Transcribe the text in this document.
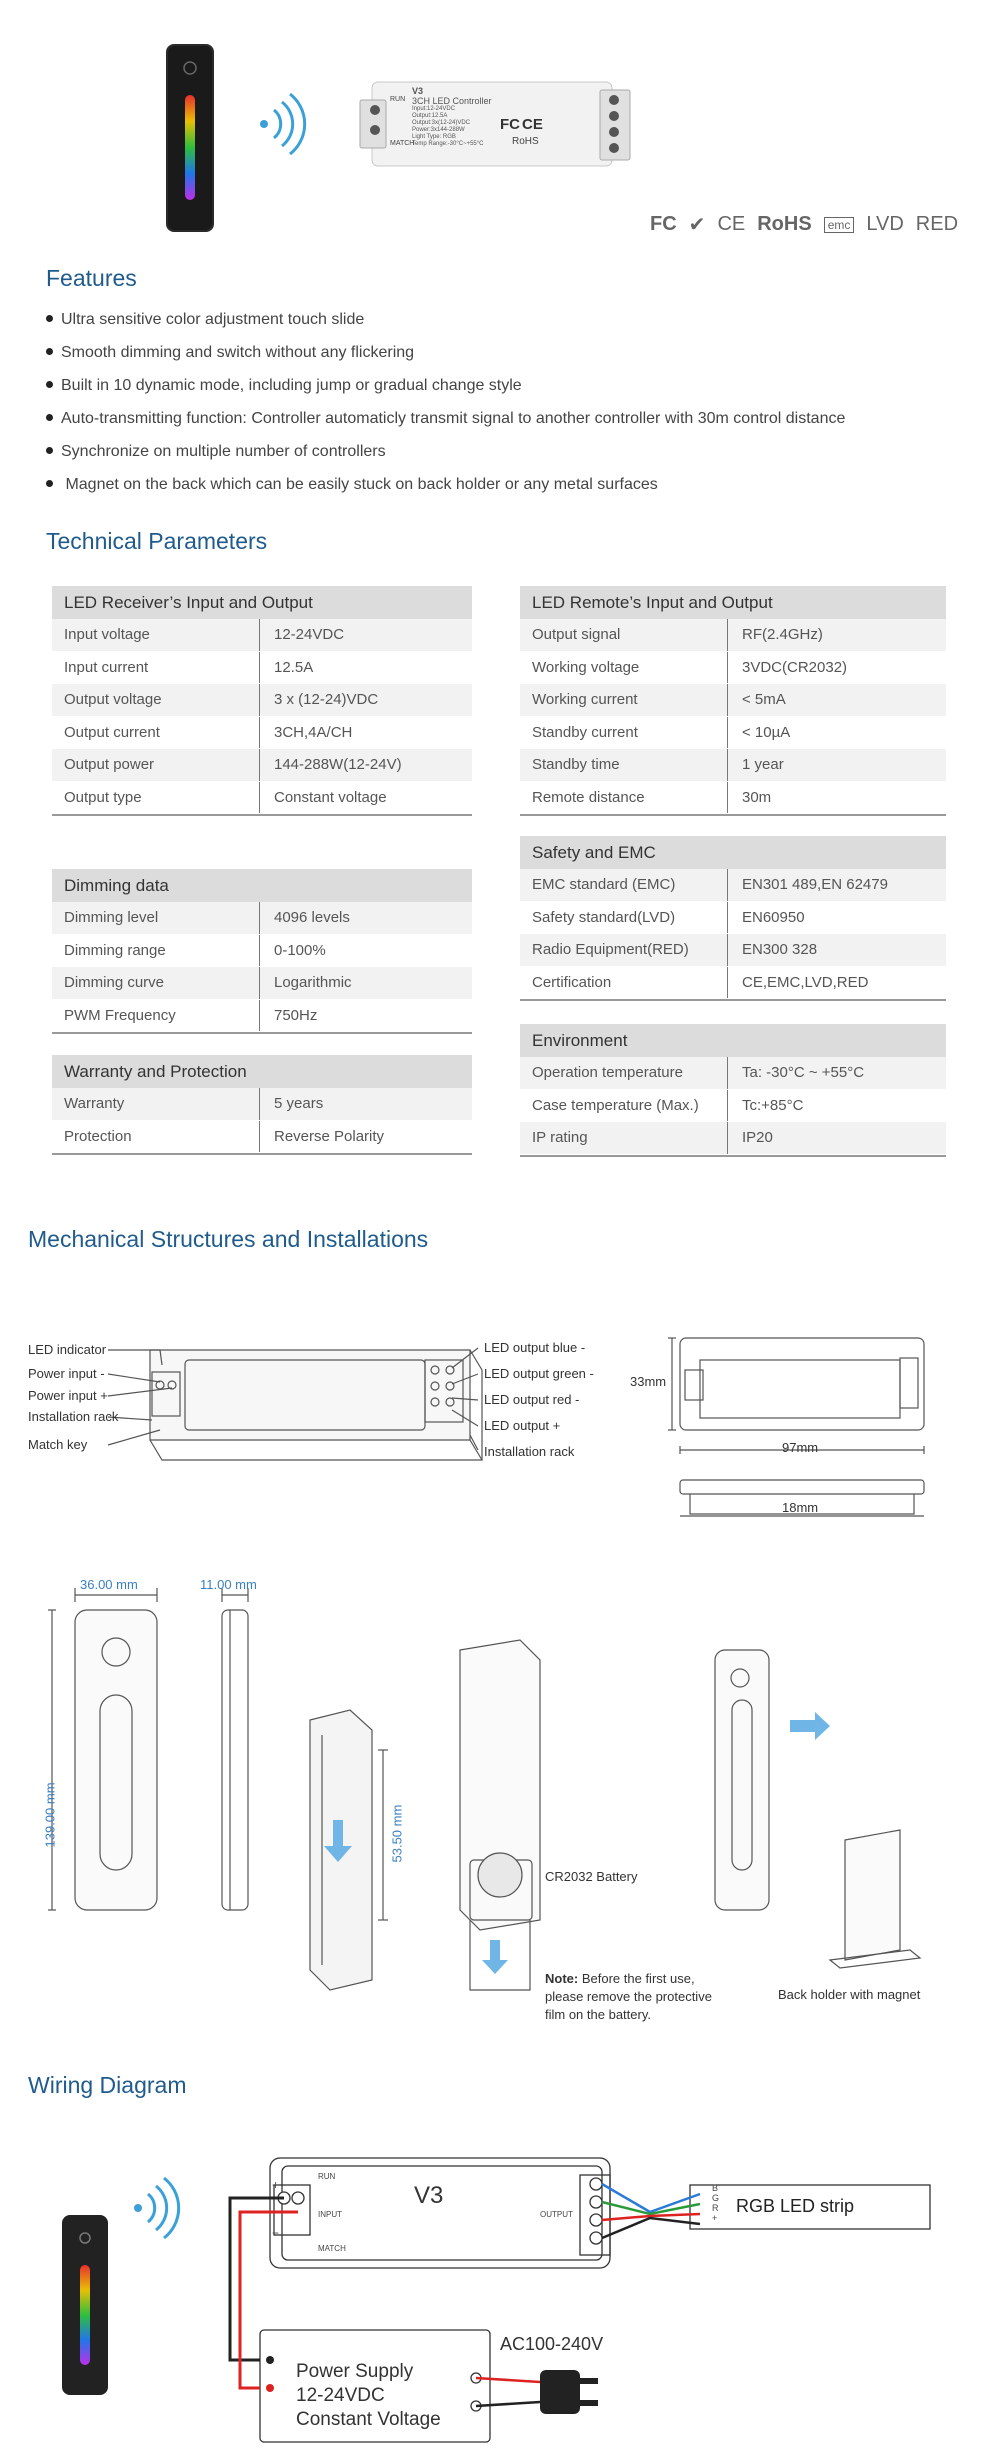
V3
3CH LED Controller
Input:12-24VDC
Output:12.5A
Output:3x(12-24)VDC
Power:3x144-288W
Light Type: RGB
Temp Range:-30°C~+55°C
RUN
MATCH
FC CE
RoHS
FC ✔ CE RoHS	emc LVD RED
Features
Ultra sensitive color adjustment touch slide
Smooth dimming and switch without any flickering
Built in 10 dynamic mode, including jump or gradual change style
Auto-transmitting function: Controller automaticly transmit signal to another controller with 30m control distance
Synchronize on multiple number of controllers
Magnet on the back which can be easily stuck on back holder or any metal surfaces
Technical Parameters
LED Receiver’s Input and Output
Input voltage	12-24VDC
Input current	12.5A
Output voltage	3 x (12-24)VDC
Output current	3CH,4A/CH
Output power	144-288W(12-24V)
Output type	Constant voltage
LED Remote’s Input and Output
Output signal	RF(2.4GHz)
Working voltage	3VDC(CR2032)
Working current	< 5mA
Standby current	< 10µA
Standby time	1 year
Remote distance	30m
Safety and EMC
EMC standard (EMC)	EN301 489,EN 62479
Safety standard(LVD)	EN60950
Radio Equipment(RED)	EN300 328
Certification	CE,EMC,LVD,RED
Dimming data
Dimming level	4096 levels
Dimming range	0-100%
Dimming curve	Logarithmic
PWM Frequency	750Hz
Environment
Operation temperature	Ta: -30°C ~ +55°C
Case temperature (Max.)	Tc:+85°C
IP rating	IP20
Warranty and Protection
Warranty	5 years
Protection	Reverse Polarity
Mechanical Structures and Installations
LED indicator
Power input -
Power input +
Installation rack
Match key
LED output blue -
LED output green -
LED output red -
LED output +
Installation rack
33mm
97mm
18mm
36.00 mm	11.00 mm
139.00 mm	53.50 mm
CR2032 Battery
Note: Before the first use,
please remove the protective
film on the battery.
Back holder with magnet
Wiring Diagram
V3
RUN
MATCH
INPUT	OUTPUT
+
−
B
G
R
+
RGB LED strip
Power Supply
12-24VDC
Constant Voltage
AC100-240V
